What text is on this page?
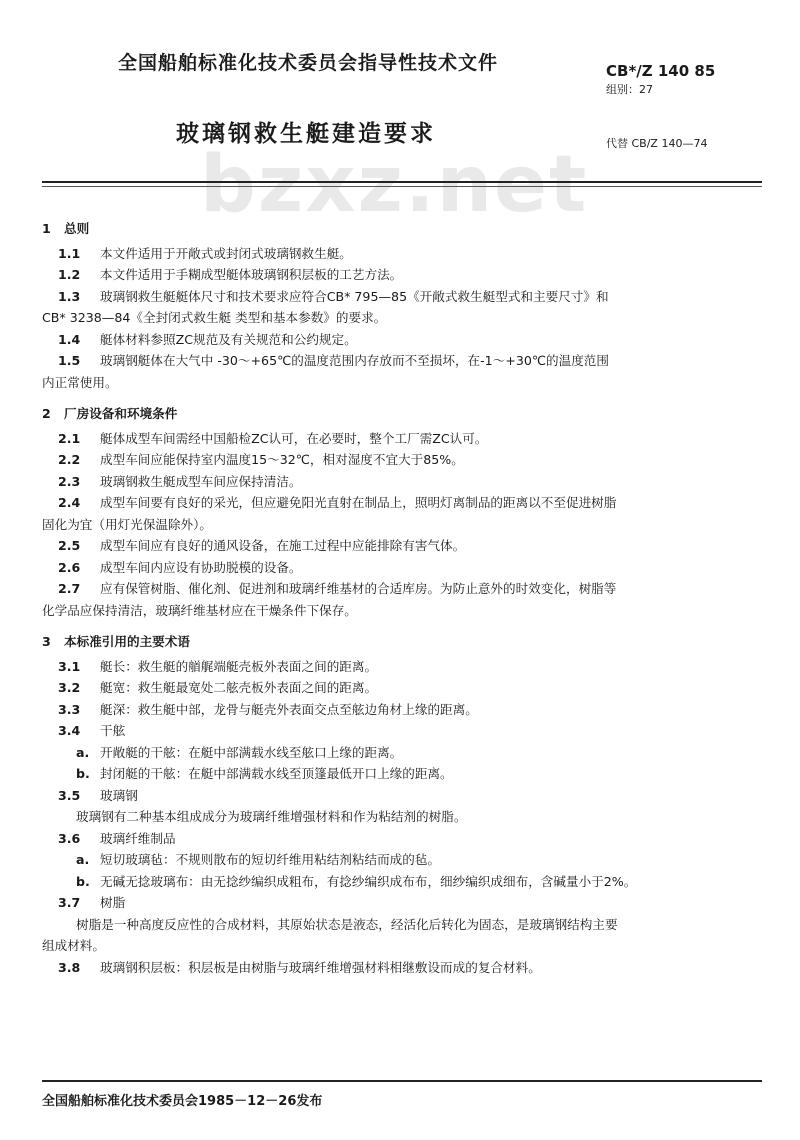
bzxz.net
全国船舶标准化技术委员会指导性技术文件	CB*/Z 140 85
组别：27
玻璃钢救生艇建造要求	代替 CB/Z 140—74
1 总则
1.1 本文件适用于开敞式或封闭式玻璃钢救生艇。
1.2 本文件适用于手糊成型艇体玻璃钢积层板的工艺方法。
1.3 玻璃钢救生艇艇体尺寸和技术要求应符合CB* 795—85《开敞式救生艇型式和主要尺寸》和
CB* 3238—84《全封闭式救生艇 类型和基本参数》的要求。
1.4 艇体材料参照ZC规范及有关规范和公约规定。
1.5 玻璃钢艇体在大气中 -30～+65℃的温度范围内存放而不至损坏，在-1～+30℃的温度范围
内正常使用。
2 厂房设备和环境条件
2.1 艇体成型车间需经中国船检ZC认可，在必要时，整个工厂需ZC认可。
2.2 成型车间应能保持室内温度15～32℃，相对湿度不宜大于85%。
2.3 玻璃钢救生艇成型车间应保持清洁。
2.4 成型车间要有良好的采光，但应避免阳光直射在制品上，照明灯离制品的距离以不至促进树脂
固化为宜（用灯光保温除外）。
2.5 成型车间应有良好的通风设备，在施工过程中应能排除有害气体。
2.6 成型车间内应设有协助脱模的设备。
2.7 应有保管树脂、催化剂、促进剂和玻璃纤维基材的合适库房。为防止意外的时效变化，树脂等
化学品应保持清洁，玻璃纤维基材应在干燥条件下保存。
3 本标准引用的主要术语
3.1 艇长：救生艇的艏艉端艇壳板外表面之间的距离。
3.2 艇宽：救生艇最宽处二舷壳板外表面之间的距离。
3.3 艇深：救生艇中部，龙骨与艇壳外表面交点至舷边角材上缘的距离。
3.4 干舷
a. 开敞艇的干舷：在艇中部满载水线至舷口上缘的距离。
b. 封闭艇的干舷：在艇中部满载水线至顶篷最低开口上缘的距离。
3.5 玻璃钢
玻璃钢有二种基本组成成分为玻璃纤维增强材料和作为粘结剂的树脂。
3.6 玻璃纤维制品
a. 短切玻璃毡：不规则散布的短切纤维用粘结剂粘结而成的毡。
b. 无碱无捻玻璃布：由无捻纱编织成粗布，有捻纱编织成布布，细纱编织成细布，含碱量小于2%。
3.7 树脂
树脂是一种高度反应性的合成材料，其原始状态是液态，经活化后转化为固态，是玻璃钢结构主要
组成材料。
3.8 玻璃钢积层板：积层板是由树脂与玻璃纤维增强材料相继敷设而成的复合材料。
全国船舶标准化技术委员会1985－12－26发布
